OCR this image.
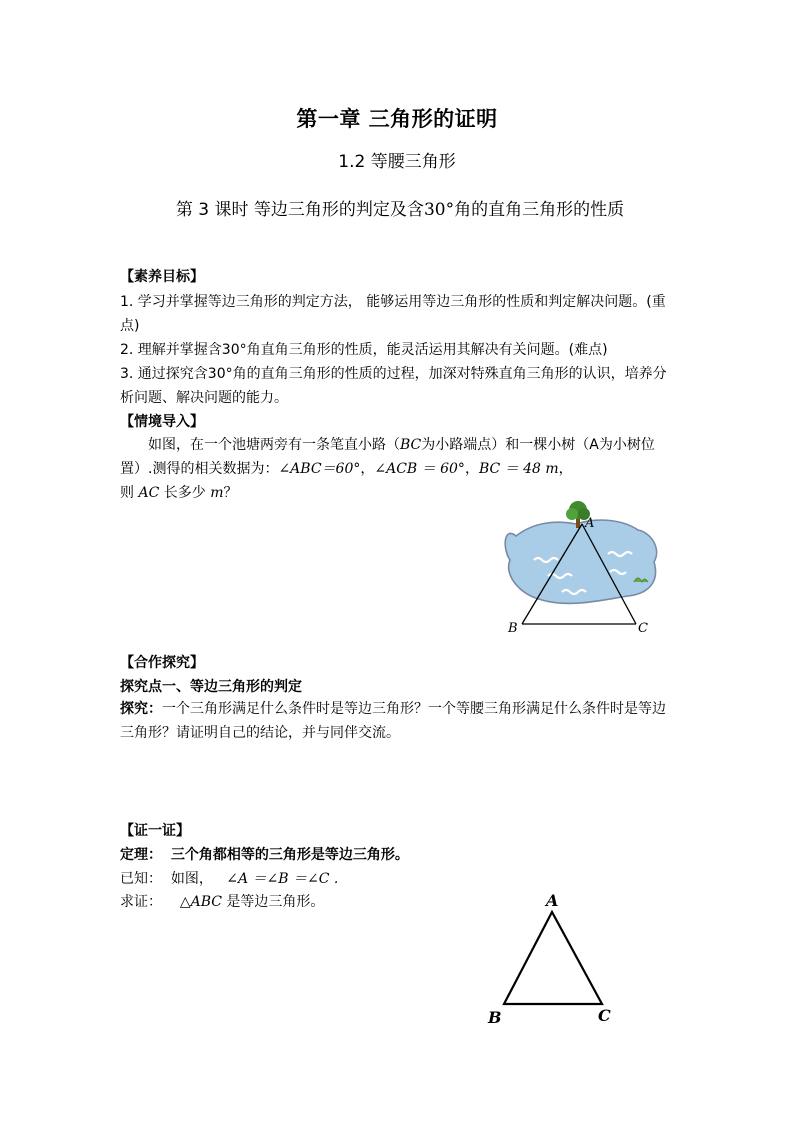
第一章 三角形的证明
1.2 等腰三角形
第 3 课时 等边三角形的判定及含30°角的直角三角形的性质
【素养目标】
1. 学习并掌握等边三角形的判定方法， 能够运用等边三角形的性质和判定解决问题。(重点)
2. 理解并掌握含30°角直角三角形的性质，能灵活运用其解决有关问题。(难点)
3. 通过探究含30°角的直角三角形的性质的过程，加深对特殊直角三角形的认识，培养分析问题、解决问题的能力。
【情境导入】
如图，在一个池塘两旁有一条笔直小路（BC为小路端点）和一棵小树（A为小树位置）.测得的相关数据为：∠ABC＝60°，∠ACB ＝ 60°，BC ＝ 48 m，
则 AC 长多少 m？
A
B	C
【合作探究】
探究点一、等边三角形的判定
探究：一个三角形满足什么条件时是等边三角形？一个等腰三角形满足什么条件时是等边三角形？请证明自己的结论，并与同伴交流。
【证一证】
定理： 三个角都相等的三角形是等边三角形。
已知： 如图， ∠A ＝∠B ＝∠C .
求证： △ABC 是等边三角形。	A
B	C
